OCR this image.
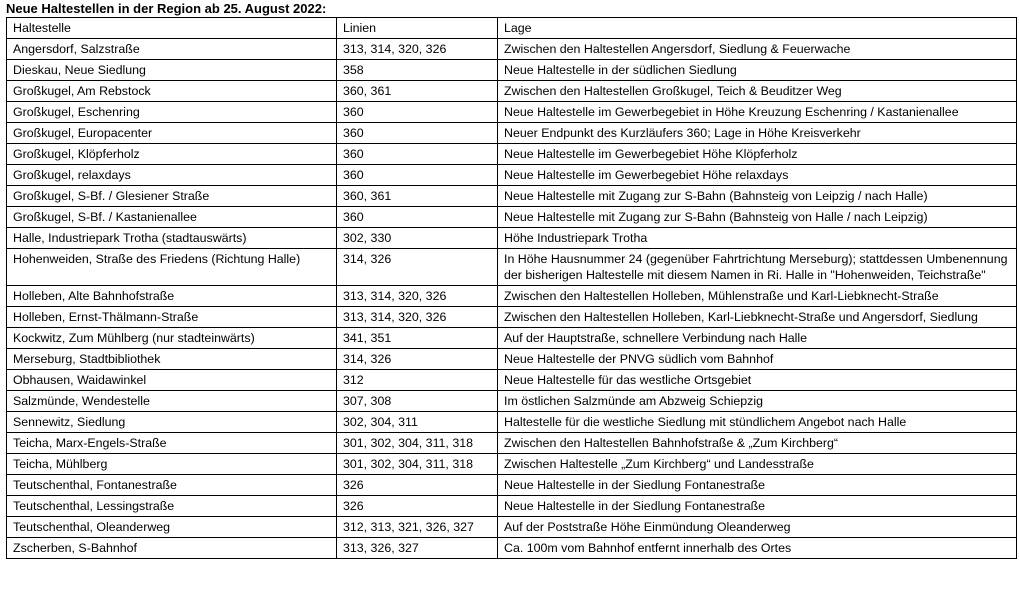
Neue Haltestellen in der Region ab 25. August 2022:
Haltestelle	Linien	Lage
Angersdorf, Salzstraße	313, 314, 320, 326	Zwischen den Haltestellen Angersdorf, Siedlung & Feuerwache
Dieskau, Neue Siedlung	358	Neue Haltestelle in der südlichen Siedlung
Großkugel, Am Rebstock	360, 361	Zwischen den Haltestellen Großkugel, Teich & Beuditzer Weg
Großkugel, Eschenring	360	Neue Haltestelle im Gewerbegebiet in Höhe Kreuzung Eschenring / Kastanienallee
Großkugel, Europacenter	360	Neuer Endpunkt des Kurzläufers 360; Lage in Höhe Kreisverkehr
Großkugel, Klöpferholz	360	Neue Haltestelle im Gewerbegebiet Höhe Klöpferholz
Großkugel, relaxdays	360	Neue Haltestelle im Gewerbegebiet Höhe relaxdays
Großkugel, S-Bf. / Glesiener Straße	360, 361	Neue Haltestelle mit Zugang zur S-Bahn (Bahnsteig von Leipzig / nach Halle)
Großkugel, S-Bf. / Kastanienallee	360	Neue Haltestelle mit Zugang zur S-Bahn (Bahnsteig von Halle / nach Leipzig)
Halle, Industriepark Trotha (stadtauswärts)	302, 330	Höhe Industriepark Trotha
Hohenweiden, Straße des Friedens (Richtung Halle)	314, 326	In Höhe Hausnummer 24 (gegenüber Fahrtrichtung Merseburg); stattdessen Umbenennung der bisherigen Haltestelle mit diesem Namen in Ri. Halle in "Hohenweiden, Teichstraße"
Holleben, Alte Bahnhofstraße	313, 314, 320, 326	Zwischen den Haltestellen Holleben, Mühlenstraße und Karl-Liebknecht-Straße
Holleben, Ernst-Thälmann-Straße	313, 314, 320, 326	Zwischen den Haltestellen Holleben, Karl-Liebknecht-Straße und Angersdorf, Siedlung
Kockwitz, Zum Mühlberg (nur stadteinwärts)	341, 351	Auf der Hauptstraße, schnellere Verbindung nach Halle
Merseburg, Stadtbibliothek	314, 326	Neue Haltestelle der PNVG südlich vom Bahnhof
Obhausen, Waidawinkel	312	Neue Haltestelle für das westliche Ortsgebiet
Salzmünde, Wendestelle	307, 308	Im östlichen Salzmünde am Abzweig Schiepzig
Sennewitz, Siedlung	302, 304, 311	Haltestelle für die westliche Siedlung mit stündlichem Angebot nach Halle
Teicha, Marx-Engels-Straße	301, 302, 304, 311, 318	Zwischen den Haltestellen Bahnhofstraße & „Zum Kirchberg“
Teicha, Mühlberg	301, 302, 304, 311, 318	Zwischen Haltestelle „Zum Kirchberg“ und Landesstraße
Teutschenthal, Fontanestraße	326	Neue Haltestelle in der Siedlung Fontanestraße
Teutschenthal, Lessingstraße	326	Neue Haltestelle in der Siedlung Fontanestraße
Teutschenthal, Oleanderweg	312, 313, 321, 326, 327	Auf der Poststraße Höhe Einmündung Oleanderweg
Zscherben, S-Bahnhof	313, 326, 327	Ca. 100m vom Bahnhof entfernt innerhalb des Ortes
